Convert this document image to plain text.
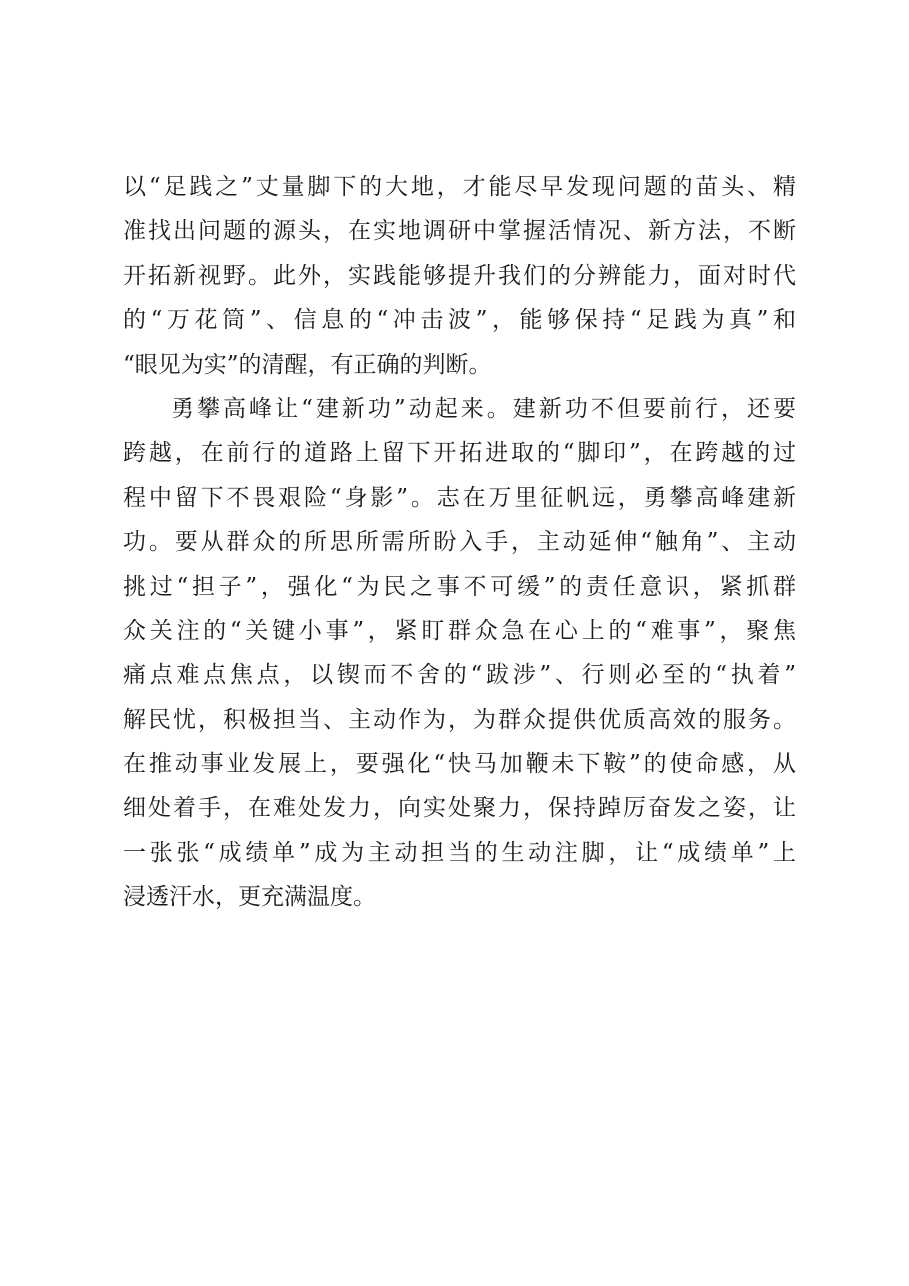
以“足践之”丈量脚下的大地，才能尽早发现问题的苗头、精
准找出问题的源头，在实地调研中掌握活情况、新方法，不断
开拓新视野。此外，实践能够提升我们的分辨能力，面对时代
的“万花筒”、信息的“冲击波”，能够保持“足践为真”和
“眼见为实”的清醒，有正确的判断。
勇攀高峰让“建新功”动起来。建新功不但要前行，还要
跨越，在前行的道路上留下开拓进取的“脚印”，在跨越的过
程中留下不畏艰险“身影”。志在万里征帆远，勇攀高峰建新
功。要从群众的所思所需所盼入手，主动延伸“触角”、主动
挑过“担子”，强化“为民之事不可缓”的责任意识，紧抓群
众关注的“关键小事”，紧盯群众急在心上的“难事”，聚焦
痛点难点焦点，以锲而不舍的“跋涉”、行则必至的“执着”
解民忧，积极担当、主动作为，为群众提供优质高效的服务。
在推动事业发展上，要强化“快马加鞭未下鞍”的使命感，从
细处着手，在难处发力，向实处聚力，保持踔厉奋发之姿，让
一张张“成绩单”成为主动担当的生动注脚，让“成绩单”上
浸透汗水，更充满温度。
